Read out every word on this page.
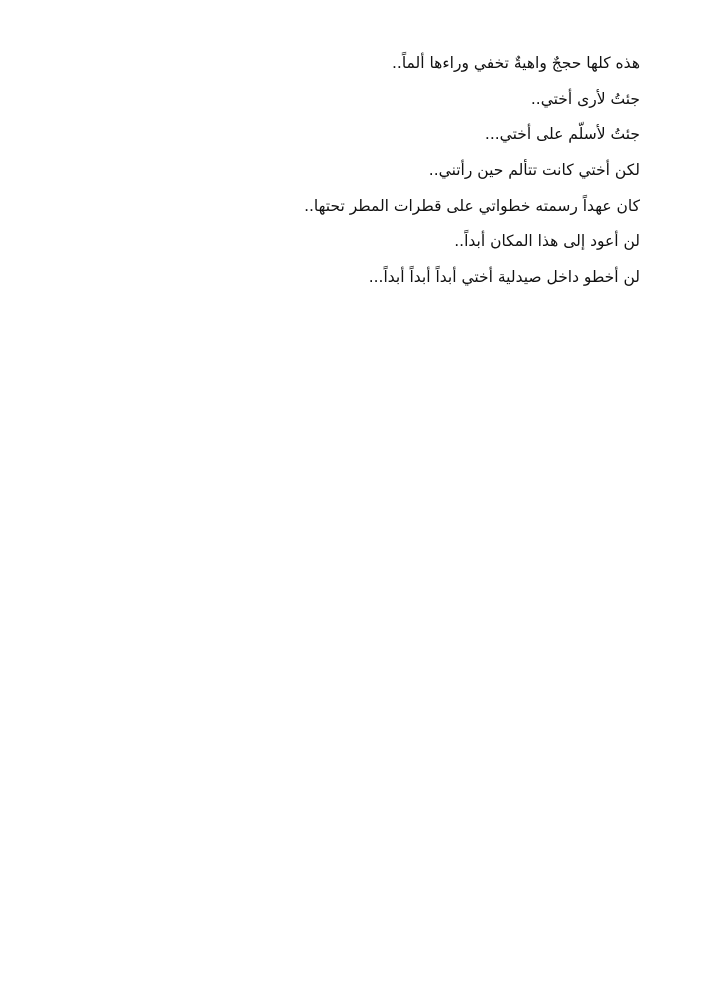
هذه كلها حججٌ واهيةٌ تخفي وراءها ألماً..
جئتُ لأرى أختي..
جئتُ لأسلّم على أختي...
لكن أختي كانت تتألم حين رأتني..
كان عهداً رسمته خطواتي على قطرات المطر تحتها..
لن أعود إلى هذا المكان أبداً..
لن أخطو داخل صيدلية أختي أبداً أبداً أبداً...
